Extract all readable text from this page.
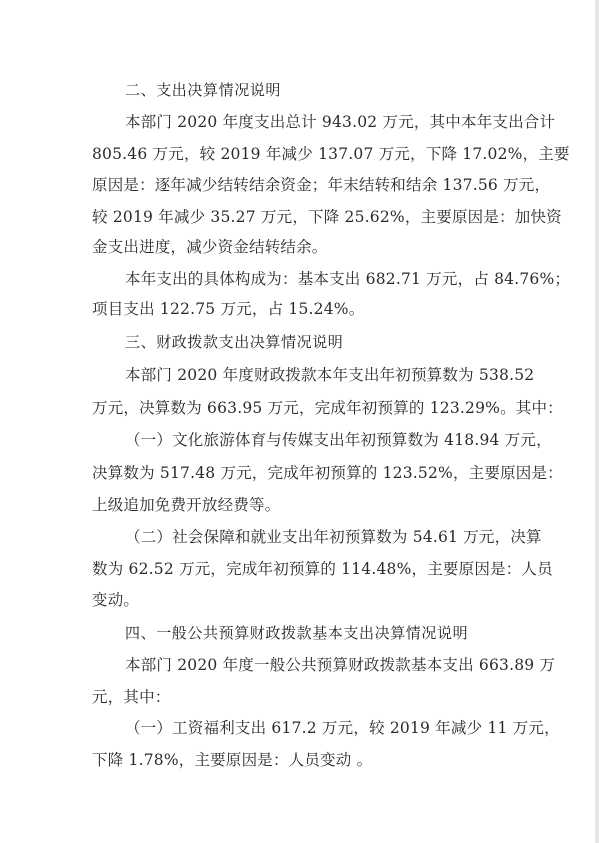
二、支出决算情况说明
本部门 2020 年度支出总计 943.02 万元，其中本年支出合计
805.46 万元，较 2019 年减少 137.07 万元，下降 17.02%，主要
原因是：逐年减少结转结余资金；年末结转和结余 137.56 万元，
较 2019 年减少 35.27 万元，下降 25.62%，主要原因是：加快资
金支出进度，减少资金结转结余。
本年支出的具体构成为：基本支出 682.71 万元，占 84.76%；
项目支出 122.75 万元，占 15.24%。
三、财政拨款支出决算情况说明
本部门 2020 年度财政拨款本年支出年初预算数为 538.52
万元，决算数为 663.95 万元，完成年初预算的 123.29%。其中：
（一）文化旅游体育与传媒支出年初预算数为 418.94 万元，
决算数为 517.48 万元，完成年初预算的 123.52%，主要原因是：
上级追加免费开放经费等。
（二）社会保障和就业支出年初预算数为 54.61 万元，决算
数为 62.52 万元，完成年初预算的 114.48%，主要原因是：人员
变动。
四、一般公共预算财政拨款基本支出决算情况说明
本部门 2020 年度一般公共预算财政拨款基本支出 663.89 万
元，其中：
（一）工资福利支出 617.2 万元，较 2019 年减少 11 万元，
下降 1.78%，主要原因是：人员变动 。
